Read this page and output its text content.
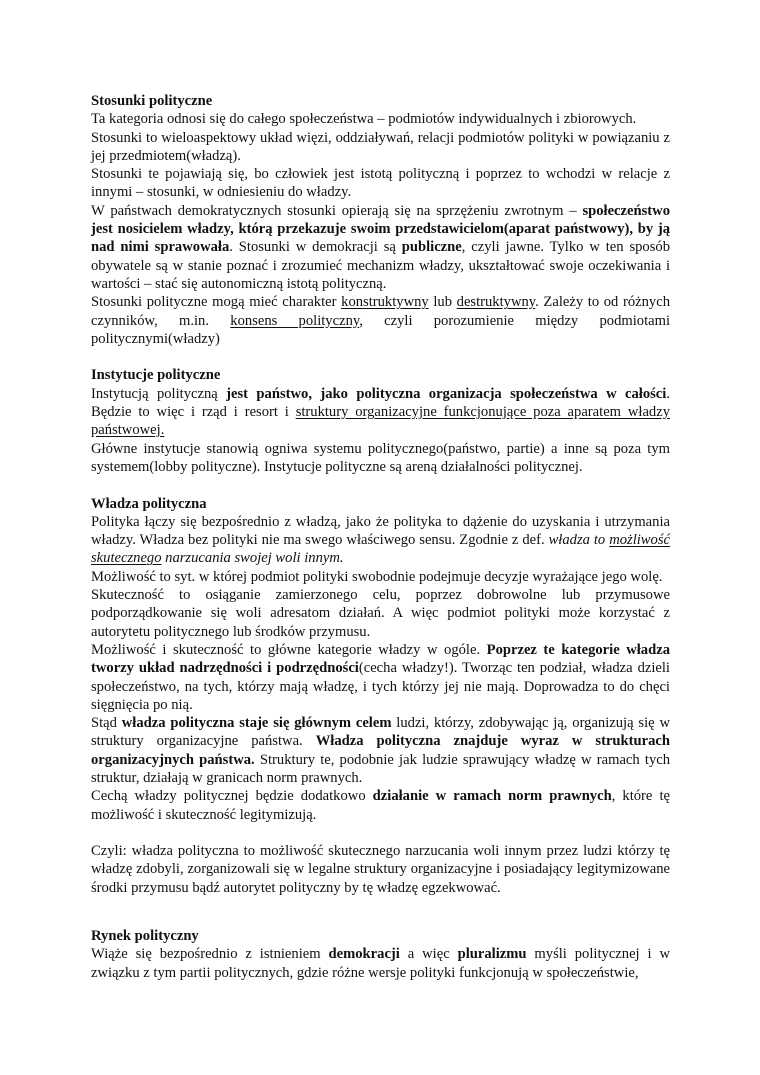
Stosunki polityczne

Ta kategoria odnosi się do całego społeczeństwa – podmiotów indywidualnych i zbiorowych.

Stosunki to wieloaspektowy układ więzi, oddziaływań, relacji podmiotów polityki w powiązaniu z jej przedmiotem(władzą).

Stosunki te pojawiają się, bo człowiek jest istotą polityczną i poprzez to wchodzi w relacje z innymi – stosunki, w odniesieniu do władzy.

W państwach demokratycznych stosunki opierają się na sprzężeniu zwrotnym – społeczeństwo jest nosicielem władzy, którą przekazuje swoim przedstawicielom(aparat państwowy), by ją nad nimi sprawowała. Stosunki w demokracji są publiczne, czyli jawne. Tylko w ten sposób obywatele są w stanie poznać i zrozumieć mechanizm władzy, ukształtować swoje oczekiwania i wartości – stać się autonomiczną istotą polityczną.

Stosunki polityczne mogą mieć charakter konstruktywny lub destruktywny. Zależy to od różnych czynników, m.in. konsens polityczny, czyli porozumienie między podmiotami politycznymi(władzy)

Instytucje polityczne

Instytucją polityczną jest państwo, jako polityczna organizacja społeczeństwa w całości. Będzie to więc i rząd i resort i struktury organizacyjne funkcjonujące poza aparatem władzy państwowej.

Główne instytucje stanowią ogniwa systemu politycznego(państwo, partie) a inne są poza tym systemem(lobby polityczne). Instytucje polityczne są areną działalności politycznej.

Władza polityczna

Polityka łączy się bezpośrednio z władzą, jako że polityka to dążenie do uzyskania i utrzymania władzy. Władza bez polityki nie ma swego właściwego sensu. Zgodnie z def. władza to możliwość skutecznego narzucania swojej woli innym.

Możliwość to syt. w której podmiot polityki swobodnie podejmuje decyzje wyrażające jego wolę.

Skuteczność to osiąganie zamierzonego celu, poprzez dobrowolne lub przymusowe podporządkowanie się woli adresatom działań. A więc podmiot polityki może korzystać z autorytetu politycznego lub środków przymusu.

Możliwość i skuteczność to główne kategorie władzy w ogóle. Poprzez te kategorie władza tworzy układ nadrzędności i podrzędności(cecha władzy!). Tworząc ten podział, władza dzieli społeczeństwo, na tych, którzy mają władzę, i tych którzy jej nie mają. Doprowadza to do chęci sięgnięcia po nią.

Stąd władza polityczna staje się głównym celem ludzi, którzy, zdobywając ją, organizują się w struktury organizacyjne państwa. Władza polityczna znajduje wyraz w strukturach organizacyjnych państwa. Struktury te, podobnie jak ludzie sprawujący władzę w ramach tych struktur, działają w granicach norm prawnych.

Cechą władzy politycznej będzie dodatkowo działanie w ramach norm prawnych, które tę możliwość i skuteczność legitymizują.

Czyli: władza polityczna to możliwość skutecznego narzucania woli innym przez ludzi którzy tę władzę zdobyli, zorganizowali się w legalne struktury organizacyjne i posiadający legitymizowane środki przymusu bądź autorytet polityczny by tę władzę egzekwować.

Rynek polityczny

Wiąże się bezpośrednio z istnieniem demokracji a więc pluralizmu myśli politycznej i w związku z tym partii politycznych, gdzie różne wersje polityki funkcjonują w społeczeństwie,
